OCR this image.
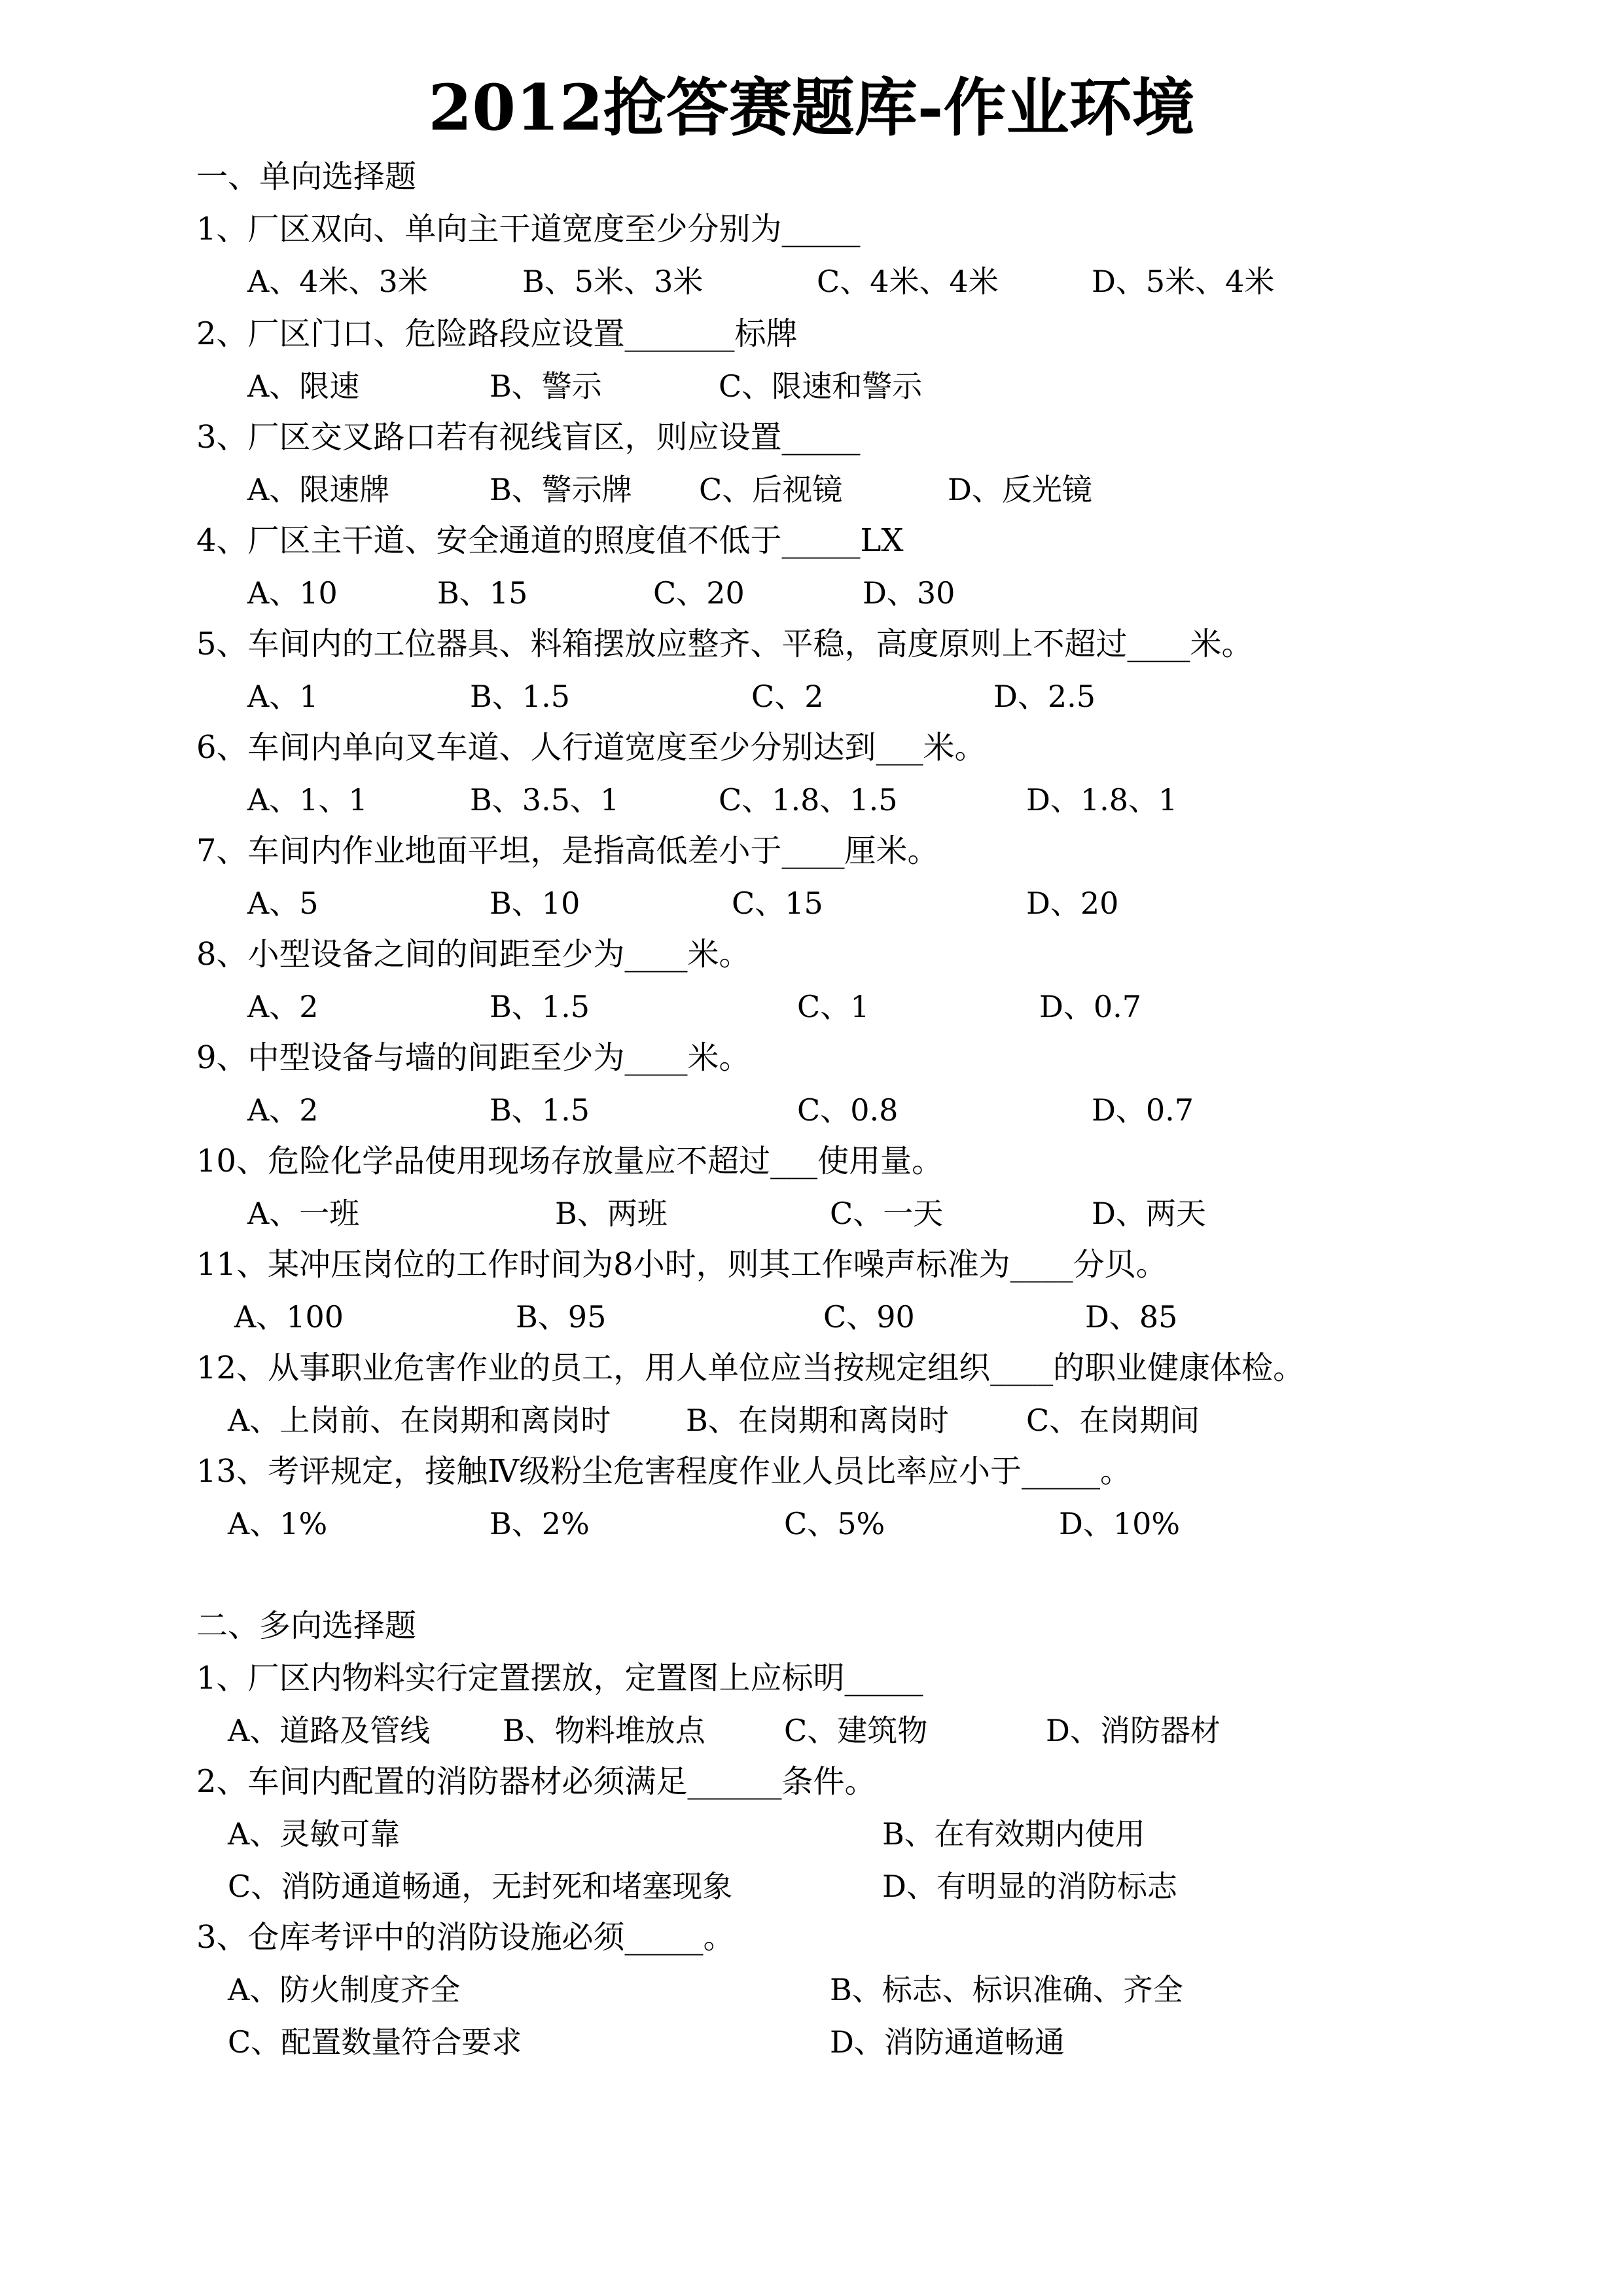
2012抢答赛题库-作业环境
一、单向选择题
1、厂区双向、单向主干道宽度至少分别为_____
A、4米、3米	B、5米、3米	C、4米、4米	D、5米、4米
2、厂区门口、危险路段应设置_______标牌
A、限速	B、警示	C、限速和警示
3、厂区交叉路口若有视线盲区，则应设置_____
A、限速牌	B、警示牌 C、后视镜	D、反光镜
4、厂区主干道、安全通道的照度值不低于_____LX
A、10	B、15	C、20	D、30
5、车间内的工位器具、料箱摆放应整齐、平稳，高度原则上不超过____米。
A、1	B、1.5	C、2	D、2.5
6、车间内单向叉车道、人行道宽度至少分别达到___米。
A、1、1	B、3.5、1	C、1.8、1.5	D、1.8、1
7、车间内作业地面平坦，是指高低差小于____厘米。
A、5	B、10	C、15	D、20
8、小型设备之间的间距至少为____米。
A、2	B、1.5	C、1	D、0.7
9、中型设备与墙的间距至少为____米。
A、2	B、1.5	C、0.8	D、0.7
10、危险化学品使用现场存放量应不超过___使用量。
A、一班	B、两班	C、一天	D、两天
11、某冲压岗位的工作时间为8小时，则其工作噪声标准为____分贝。
A、100	B、95	C、90	D、85
12、从事职业危害作业的员工，用人单位应当按规定组织____的职业健康体检。
A、上岗前、在岗期和离岗时 B、在岗期和离岗时	C、在岗期间
13、考评规定，接触Ⅳ级粉尘危害程度作业人员比率应小于_____。
A、1%	B、2%	C、5%	D、10%
二、多向选择题
1、厂区内物料实行定置摆放，定置图上应标明_____
A、道路及管线 B、物料堆放点	C、建筑物	D、消防器材
2、车间内配置的消防器材必须满足______条件。
A、灵敏可靠	B、在有效期内使用
C、消防通道畅通，无封死和堵塞现象	D、有明显的消防标志
3、仓库考评中的消防设施必须_____。
A、防火制度齐全	B、标志、标识准确、齐全
C、配置数量符合要求	D、消防通道畅通
